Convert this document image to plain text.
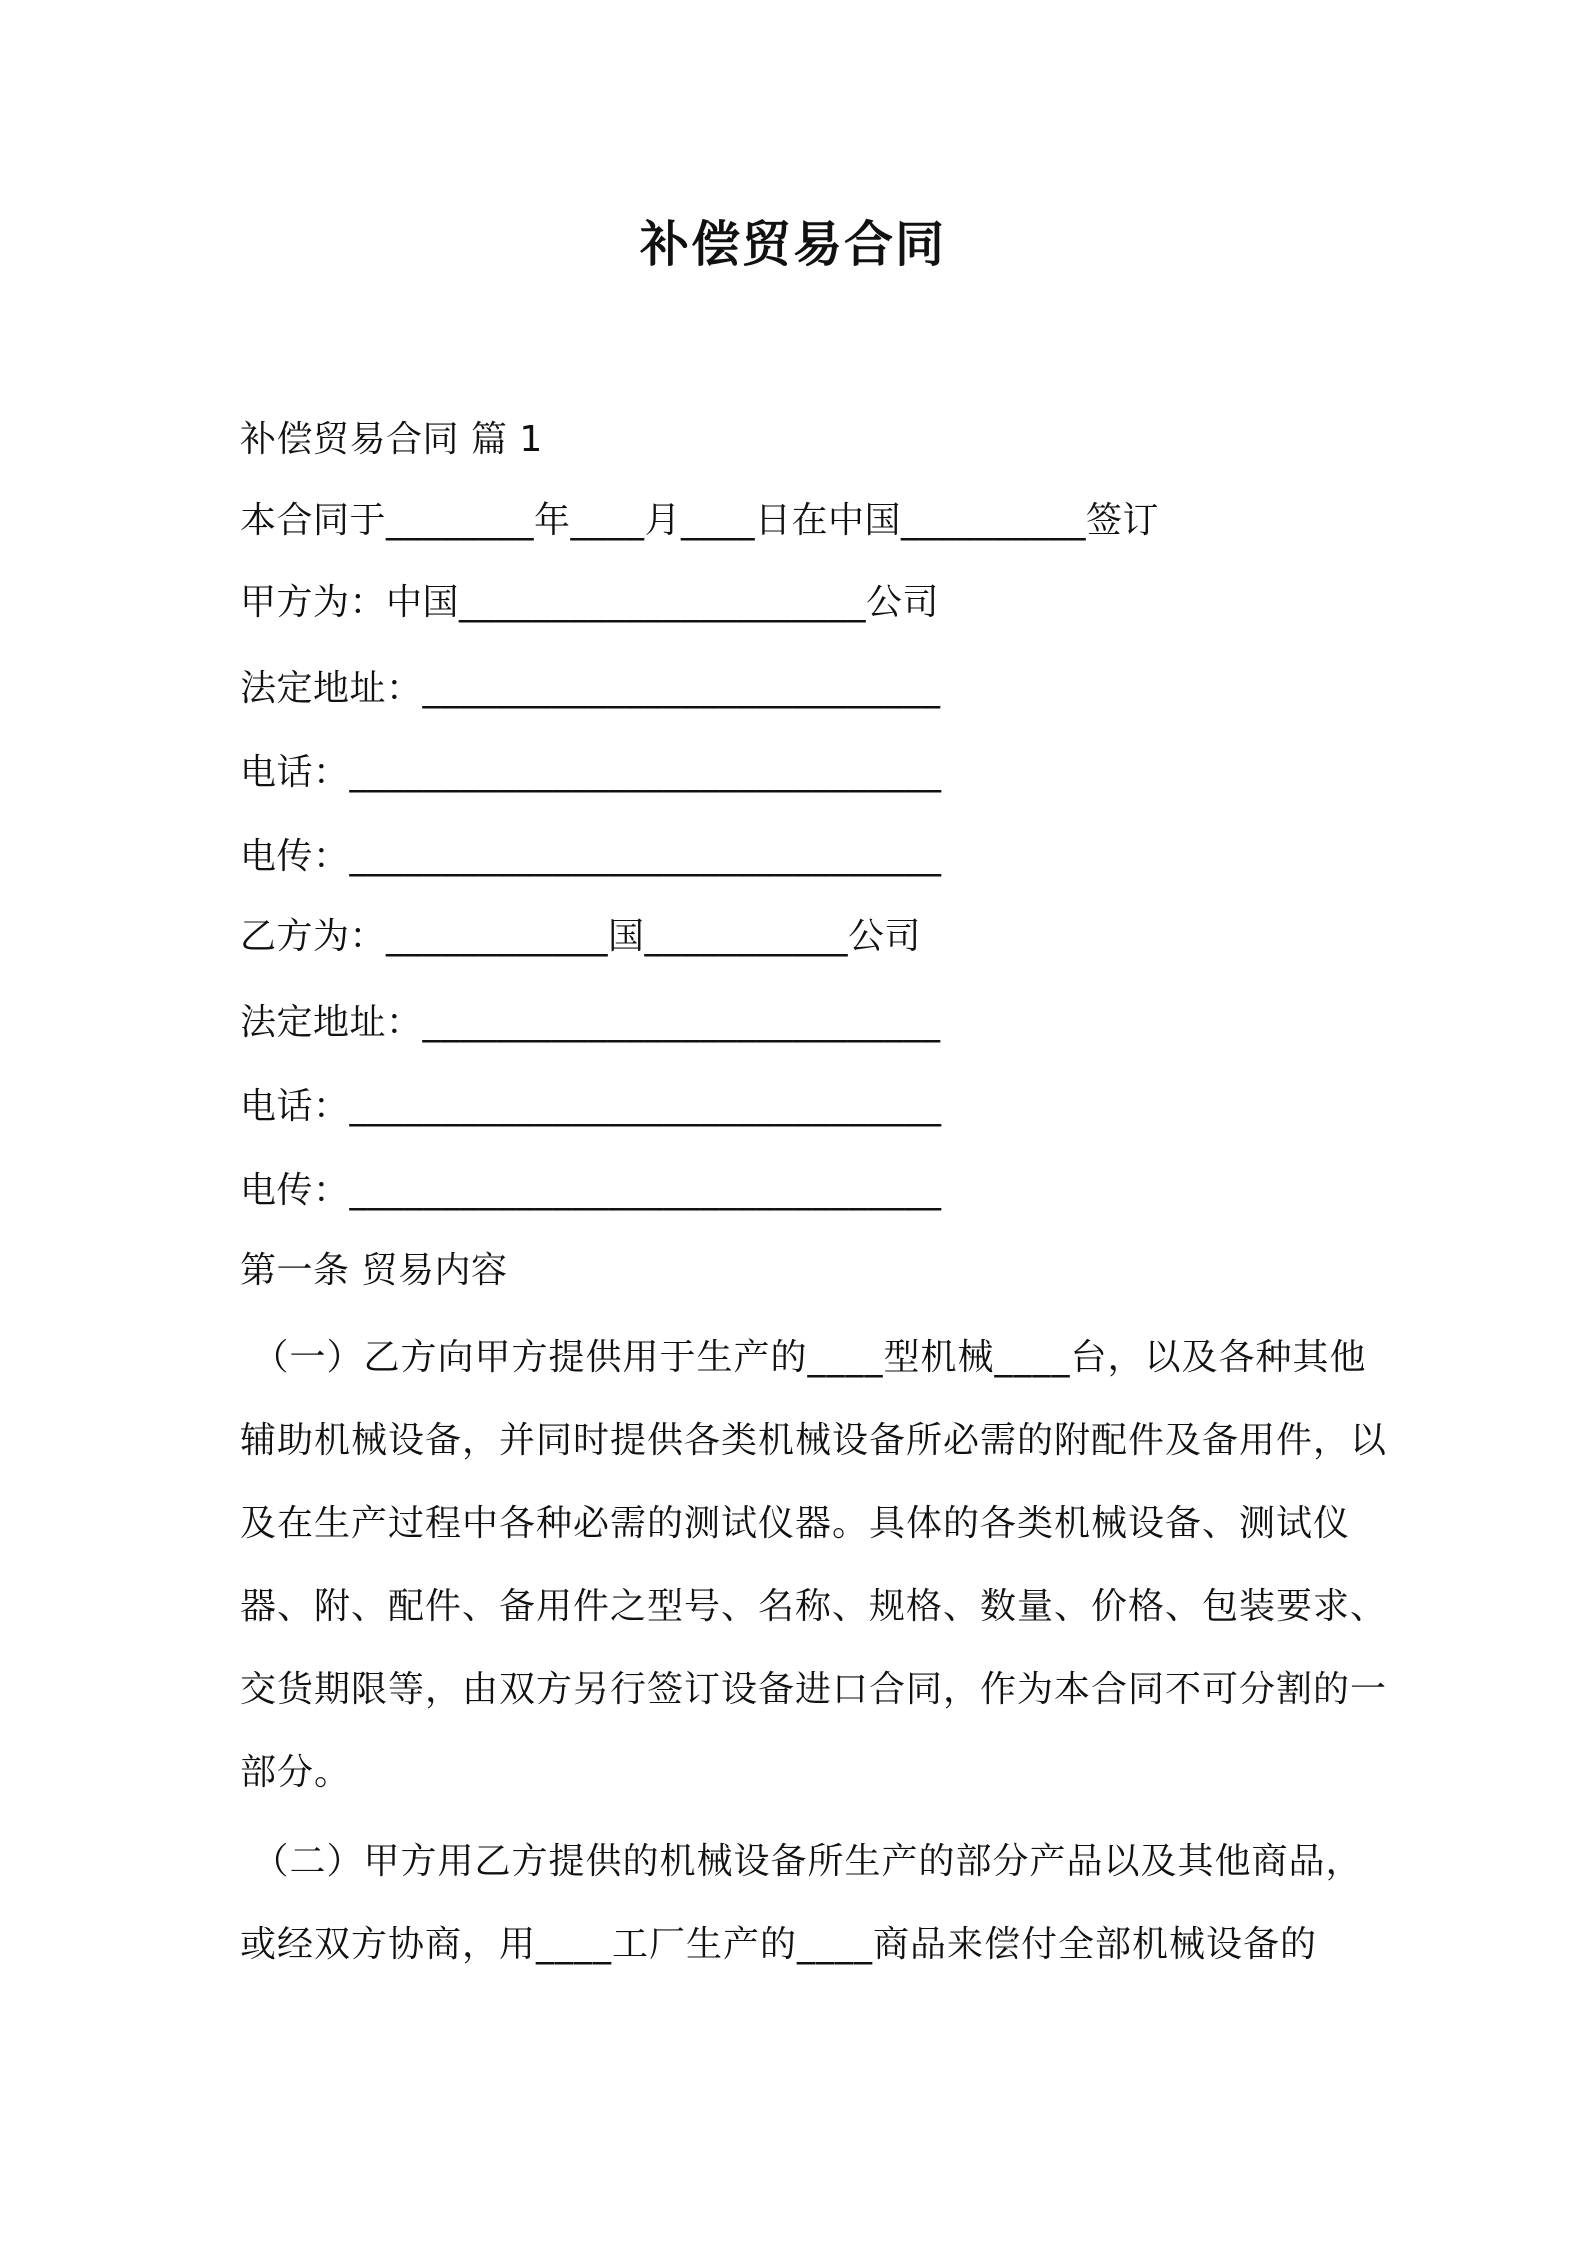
补偿贸易合同
补偿贸易合同 篇 1
本合同于________年____月____日在中国__________签订
甲方为：中国______________________公司
法定地址：____________________________
电话：________________________________
电传：________________________________
乙方为：____________国___________公司
法定地址：____________________________
电话：________________________________
电传：________________________________
第一条 贸易内容
（一）乙方向甲方提供用于生产的____型机械____台，以及各种其他辅助机械设备，并同时提供各类机械设备所必需的附配件及备用件，以及在生产过程中各种必需的测试仪器。具体的各类机械设备、测试仪器、附、配件、备用件之型号、名称、规格、数量、价格、包装要求、交货期限等，由双方另行签订设备进口合同，作为本合同不可分割的一部分。
（二）甲方用乙方提供的机械设备所生产的部分产品以及其他商品，或经双方协商，用____工厂生产的____商品来偿付全部机械设备的
